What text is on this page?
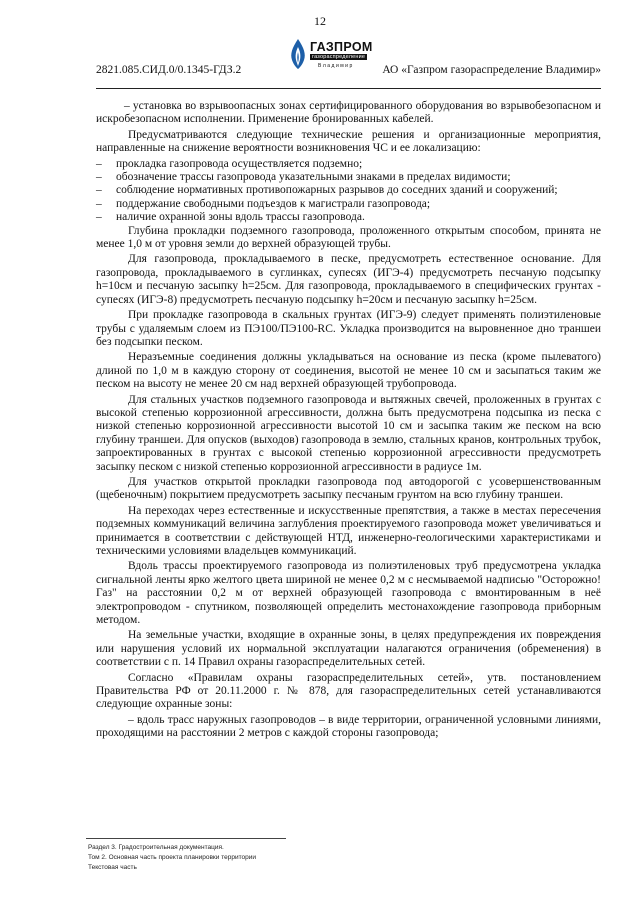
12
2821.085.СИД.0/0.1345-ГДЗ.2
ГАЗПРОМ
газораспределение
Владимир АО «Газпром газораспределение Владимир»

– установка во взрывоопасных зонах сертифицированного оборудования во взрывобезопасном и искробезопасном исполнении. Применение бронированных кабелей.

Предусматриваются следующие технические решения и организационные мероприятия, направленные на снижение вероятности возникновения ЧС и ее локализацию:

– прокладка газопровода осуществляется подземно;
– обозначение трассы газопровода указательными знаками в пределах видимости;
– соблюдение нормативных противопожарных разрывов до соседних зданий и сооружений;
– поддержание свободными подъездов к магистрали газопровода;
– наличие охранной зоны вдоль трассы газопровода.

Глубина прокладки подземного газопровода, проложенного открытым способом, принята не менее 1,0 м от уровня земли до верхней образующей трубы.

Для газопровода, прокладываемого в песке, предусмотреть естественное основание. Для газопровода, прокладываемого в суглинках, супесях (ИГЭ-4) предусмотреть песчаную подсыпку h=10см и песчаную засыпку h=25см. Для газопровода, прокладываемого в специфических грунтах - супесях (ИГЭ-8) предусмотреть песчаную подсыпку h=20см и песчаную засыпку h=25см.

При прокладке газопровода в скальных грунтах (ИГЭ-9) следует применять полиэтиленовые трубы с удаляемым слоем из ПЭ100/ПЭ100-RC. Укладка производится на выровненное дно траншеи без подсыпки песком.

Неразъемные соединения должны укладываться на основание из песка (кроме пылеватого) длиной по 1,0 м в каждую сторону от соединения, высотой не менее 10 см и засыпаться таким же песком на высоту не менее 20 см над верхней образующей трубопровода.

Для стальных участков подземного газопровода и вытяжных свечей, проложенных в грунтах с высокой степенью коррозионной агрессивности, должна быть предусмотрена подсыпка из песка с низкой степенью коррозионной агрессивности высотой 10 см и засыпка таким же песком на всю глубину траншеи. Для опусков (выходов) газопровода в землю, стальных кранов, контрольных трубок, запроектированных в грунтах с высокой степенью коррозионной агрессивности предусмотреть засыпку песком с низкой степенью коррозионной агрессивности в радиусе 1м.

Для участков открытой прокладки газопровода под автодорогой с усовершенствованным (щебеночным) покрытием предусмотреть засыпку песчаным грунтом на всю глубину траншеи.

На переходах через естественные и искусственные препятствия, а также в местах пересечения подземных коммуникаций величина заглубления проектируемого газопровода может увеличиваться и принимается в соответствии с действующей НТД, инженерно-геологическими характеристиками и техническими условиями владельцев коммуникаций.

Вдоль трассы проектируемого газопровода из полиэтиленовых труб предусмотрена укладка сигнальной ленты ярко желтого цвета шириной не менее 0,2 м с несмываемой надписью "Осторожно! Газ" на расстоянии 0,2 м от верхней образующей газопровода с вмонтированным в неё электропроводом - спутником, позволяющей определить местонахождение газопровода приборным методом.

На земельные участки, входящие в охранные зоны, в целях предупреждения их повреждения или нарушения условий их нормальной эксплуатации налагаются ограничения (обременения) в соответствии с п. 14 Правил охраны газораспределительных сетей.

Согласно «Правилам охраны газораспределительных сетей», утв. постановлением Правительства РФ от 20.11.2000 г. № 878, для газораспределительных сетей устанавливаются следующие охранные зоны:

– вдоль трасс наружных газопроводов – в виде территории, ограниченной условными линиями, проходящими на расстоянии 2 метров с каждой стороны газопровода;

Раздел 3. Градостроительная документация.
Том 2. Основная часть проекта планировки территории
Текстовая часть
